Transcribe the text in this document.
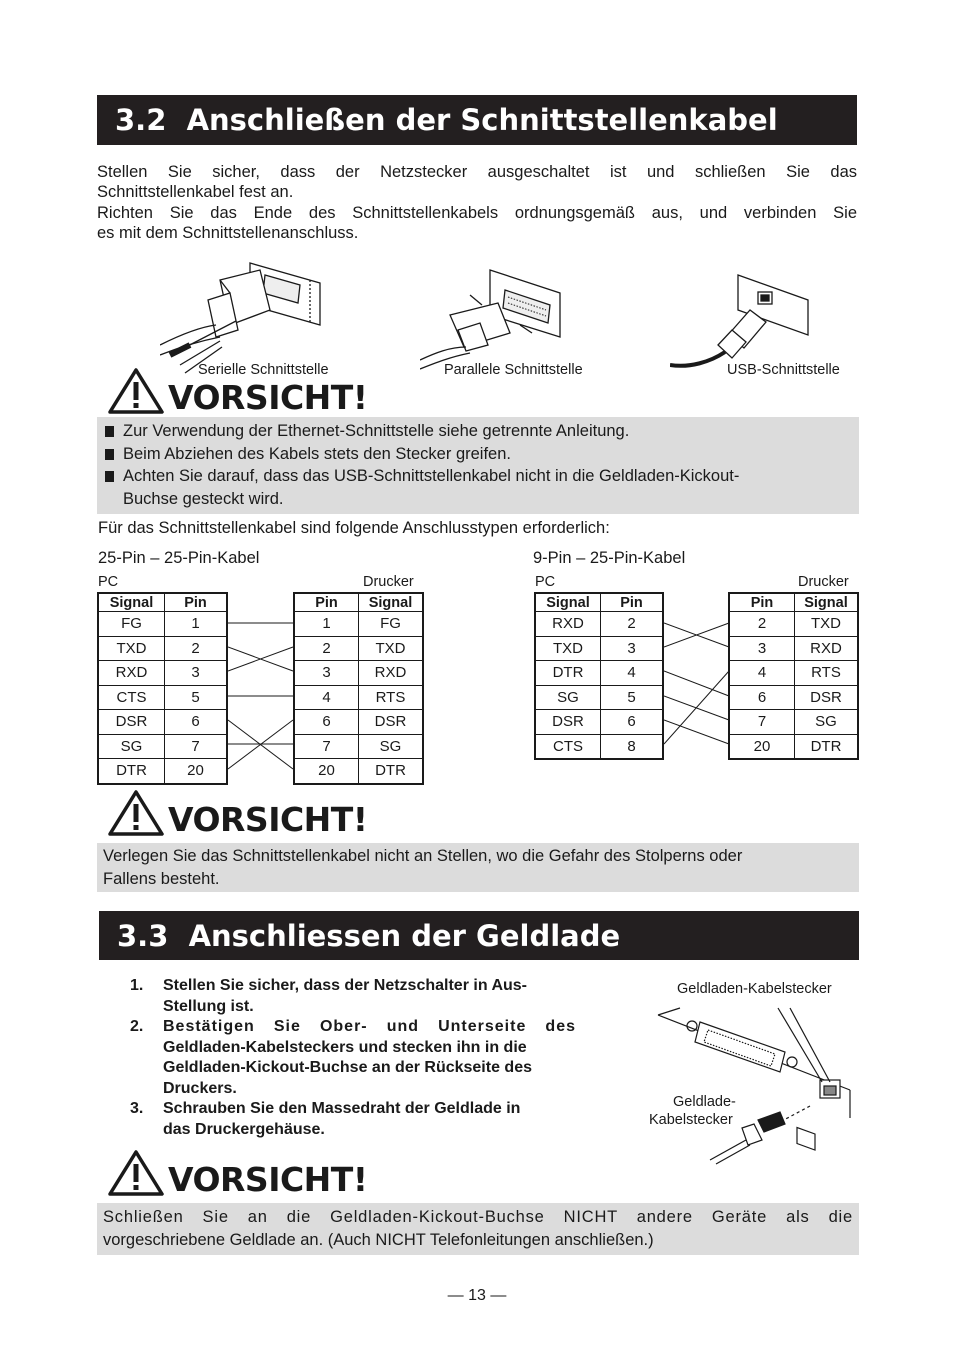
3.2  Anschließen der Schnittstellenkabel
Stellen Sie sicher, dass der Netzstecker ausgeschaltet ist und schließen Sie das
Schnittstellenkabel fest an.
Richten Sie das Ende des Schnittstellenkabels ordnungsgemäß aus, und verbinden Sie
es mit dem Schnittstellenanschluss.
Serielle Schnittstelle	Parallele Schnittstelle	USB-Schnittstelle
VORSICHT!
Zur Verwendung der Ethernet-Schnittstelle siehe getrennte Anleitung.
Beim Abziehen des Kabels stets den Stecker greifen.
Achten Sie darauf, dass das USB-Schnittstellenkabel nicht in die Geldladen-Kickout-
Buchse gesteckt wird.
Für das Schnittstellenkabel sind folgende Anschlusstypen erforderlich:
25-Pin – 25-Pin-Kabel
PC	Drucker
Signal	Pin
FG	1
TXD	2
RXD	3
CTS	5
DSR	6
SG	7
DTR	20
Pin	Signal
1	FG
2	TXD
3	RXD
4	RTS
6	DSR
7	SG
20	DTR
9-Pin – 25-Pin-Kabel
PC	Drucker
Signal	Pin
RXD	2
TXD	3
DTR	4
SG	5
DSR	6
CTS	8
Pin	Signal
2	TXD
3	RXD
4	RTS
6	DSR
7	SG
20	DTR
VORSICHT!
Verlegen Sie das Schnittstellenkabel nicht an Stellen, wo die Gefahr des Stolperns oder
Fallens besteht.
3.3  Anschliessen der Geldlade
1.	Stellen Sie sicher, dass der Netzschalter in Aus-
Stellung ist.
2.	Bestätigen Sie Ober- und Unterseite des
Geldladen-Kabelsteckers und stecken ihn in die
Geldladen-Kickout-Buchse an der Rückseite des
Druckers.
3.	Schrauben Sie den Massedraht der Geldlade in
das Druckergehäuse.
Geldladen-Kabelstecker
Geldlade-
Kabelstecker
VORSICHT!
Schließen Sie an die Geldladen-Kickout-Buchse NICHT andere Geräte als die
vorgeschriebene Geldlade an. (Auch NICHT Telefonleitungen anschließen.)
— 13 —
